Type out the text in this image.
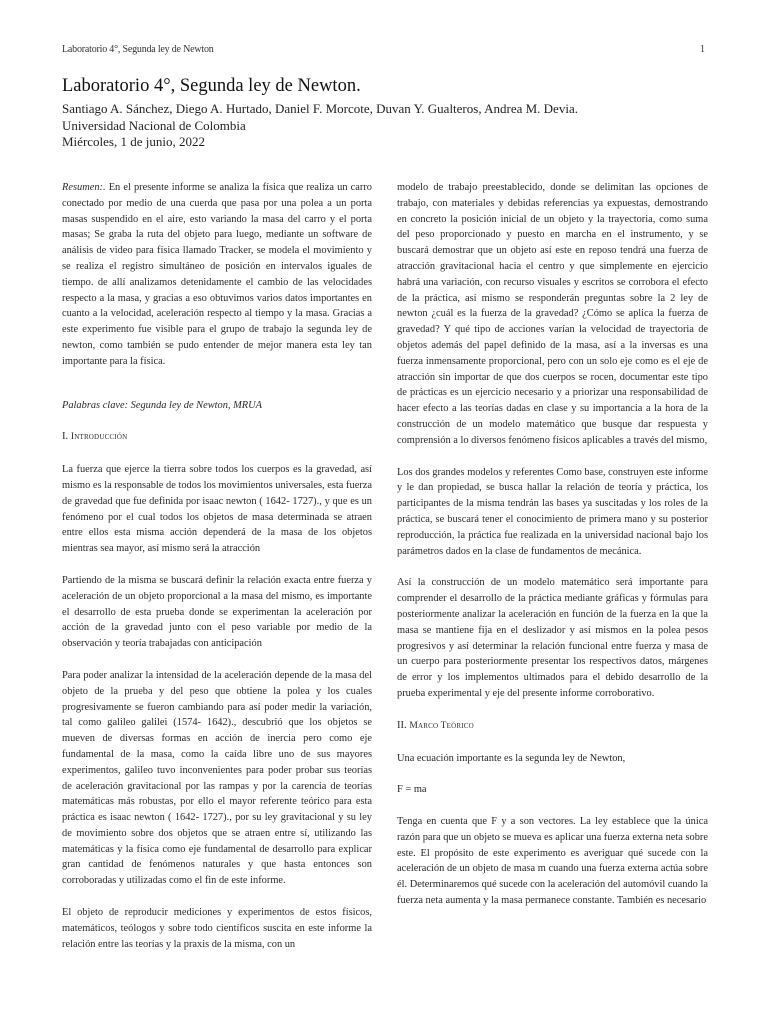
Laboratorio 4°, Segunda ley de Newton	1
Laboratorio 4°, Segunda ley de Newton.
Santiago A. Sánchez, Diego A. Hurtado, Daniel F. Morcote, Duvan Y. Gualteros, Andrea M. Devia.
Universidad Nacional de Colombia
Miércoles, 1 de junio, 2022

Resumen:. En el presente informe se analiza la física que realiza un carro conectado por medio de una cuerda que pasa por una polea a un porta masas suspendido en el aire, esto variando la masa del carro y el porta masas; Se graba la ruta del objeto para luego, mediante un software de análisis de video para física llamado Tracker, se modela el movimiento y se realiza el registro simultáneo de posición en intervalos iguales de tiempo. de allí analizamos detenidamente el cambio de las velocidades respecto a la masa, y gracias a eso obtuvimos varios datos importantes en cuanto a la velocidad, aceleración respecto al tiempo y la masa. Gracias a este experimento fue visible para el grupo de trabajo la segunda ley de newton, como también se pudo entender de mejor manera esta ley tan importante para la física.

Palabras clave: Segunda ley de Newton, MRUA

I. Introducción

La fuerza que ejerce la tierra sobre todos los cuerpos es la gravedad, así mismo es la responsable de todos los movimientos universales, esta fuerza de gravedad que fue definida por isaac newton ( 1642- 1727)., y que es un fenómeno por el cual todos los objetos de masa determinada se atraen entre ellos esta misma acción dependerá de la masa de los objetos mientras sea mayor, así mismo será la atracción

Partiendo de la misma se buscará definir la relación exacta entre fuerza y aceleración de un objeto proporcional a la masa del mismo, es importante el desarrollo de esta prueba donde se experimentan la aceleración por acción de la gravedad junto con el peso variable por medio de la observación y teoría trabajadas con anticipación

Para poder analizar la intensidad de la aceleración depende de la masa del objeto de la prueba y del peso que obtiene la polea y los cuales progresivamente se fueron cambiando para así poder medir la variación, tal como galileo galilei (1574- 1642)., descubrió que los objetos se mueven de diversas formas en acción de inercia pero como eje fundamental de la masa, como la caída libre uno de sus mayores experimentos, galileo tuvo inconvenientes para poder probar sus teorías de aceleración gravitacional por las rampas y por la carencia de teorías matemáticas más robustas, por ello el mayor referente teórico para esta práctica es isaac newton ( 1642- 1727)., por su ley gravitacional y su ley de movimiento sobre dos objetos que se atraen entre sí, utilizando las matemáticas y la física como eje fundamental de desarrollo para explicar gran cantidad de fenómenos naturales y que hasta entonces son corroboradas y utilizadas como el fin de este informe.

El objeto de reproducir mediciones y experimentos de estos físicos, matemáticos, teólogos y sobre todo científicos suscita en este informe la relación entre las teorías y la praxis de la misma, con un

modelo de trabajo preestablecido, donde se delimitan las opciones de trabajo, con materiales y debidas referencias ya expuestas, demostrando en concreto la posición inicial de un objeto y la trayectoria, como suma del peso proporcionado y puesto en marcha en el instrumento, y se buscará demostrar que un objeto así este en reposo tendrá una fuerza de atracción gravitacional hacia el centro y que simplemente en ejercicio habrá una variación, con recurso visuales y escritos se corrobora el efecto de la práctica, así mismo se responderán preguntas sobre la 2 ley de newton ¿cuál es la fuerza de la gravedad? ¿Cómo se aplica la fuerza de gravedad? Y qué tipo de acciones varían la velocidad de trayectoria de objetos además del papel definido de la masa, así a la inversas es una fuerza inmensamente proporcional, pero con un solo eje como es el eje de atracción sin importar de que dos cuerpos se rocen, documentar este tipo de prácticas es un ejercicio necesario y a priorizar una responsabilidad de hacer efecto a las teorías dadas en clase y su importancia a la hora de la construcción de un modelo matemático que busque dar respuesta y comprensión a lo diversos fenómeno físicos aplicables a través del mismo,

Los dos grandes modelos y referentes Como base, construyen este informe y le dan propiedad, se busca hallar la relación de teoría y práctica, los participantes de la misma tendrán las bases ya suscitadas y los roles de la práctica, se buscará tener el conocimiento de primera mano y su posterior reproducción, la práctica fue realizada en la universidad nacional bajo los parámetros dados en la clase de fundamentos de mecánica.

Así la construcción de un modelo matemático será importante para comprender el desarrollo de la práctica mediante gráficas y fórmulas para posteriormente analizar la aceleración en función de la fuerza en la que la masa se mantiene fija en el deslizador y así mismos en la polea pesos progresivos y así determinar la relación funcional entre fuerza y masa de un cuerpo para posteriormente presentar los respectivos datos, márgenes de error y los implementos ultimados para el debido desarrollo de la prueba experimental y eje del presente informe corroborativo.

II. Marco Teórico

Una ecuación importante es la segunda ley de Newton,

F = ma

Tenga en cuenta que F y a son vectores. La ley establece que la única razón para que un objeto se mueva es aplicar una fuerza externa neta sobre este. El propósito de este experimento es averiguar qué sucede con la aceleración de un objeto de masa m cuando una fuerza externa actúa sobre él. Determinaremos qué sucede con la aceleración del automóvil cuando la fuerza neta aumenta y la masa permanece constante. También es necesario
